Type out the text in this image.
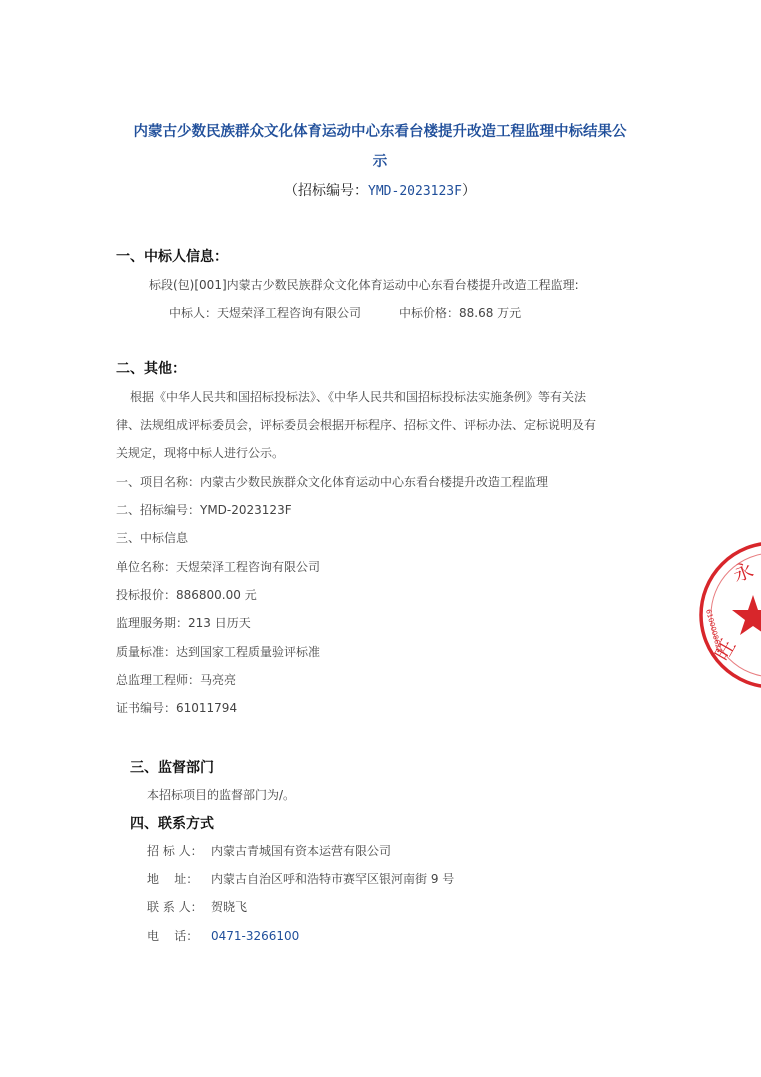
内蒙古少数民族群众文化体育运动中心东看台楼提升改造工程监理中标结果公
示
（招标编号：YMD-2023123F）
一、中标人信息：
标段(包)[001]内蒙古少数民族群众文化体育运动中心东看台楼提升改造工程监理:
中标人：天煜荣泽工程咨询有限公司	中标价格：88.68 万元
二、其他：
根据《中华人民共和国招标投标法》、《中华人民共和国招标投标法实施条例》等有关法
律、法规组成评标委员会，评标委员会根据开标程序、招标文件、评标办法、定标说明及有
关规定，现将中标人进行公示。
一、项目名称：内蒙古少数民族群众文化体育运动中心东看台楼提升改造工程监理
二、招标编号：YMD-2023123F
三、中标信息
单位名称：天煜荣泽工程咨询有限公司
投标报价：886800.00 元
监理服务期：213 日历天
质量标准：达到国家工程质量验评标准
总监理工程师：马亮亮
证书编号：61011794
三、监督部门
本招标项目的监督部门为/。
四、联系方式
招 标 人： 内蒙古青城国有资本运营有限公司
地    址： 内蒙古自治区呼和浩特市赛罕区银河南街 9 号
联 系 人： 贺晓飞
电    话： 0471-3266100
永
旺
6100008624
